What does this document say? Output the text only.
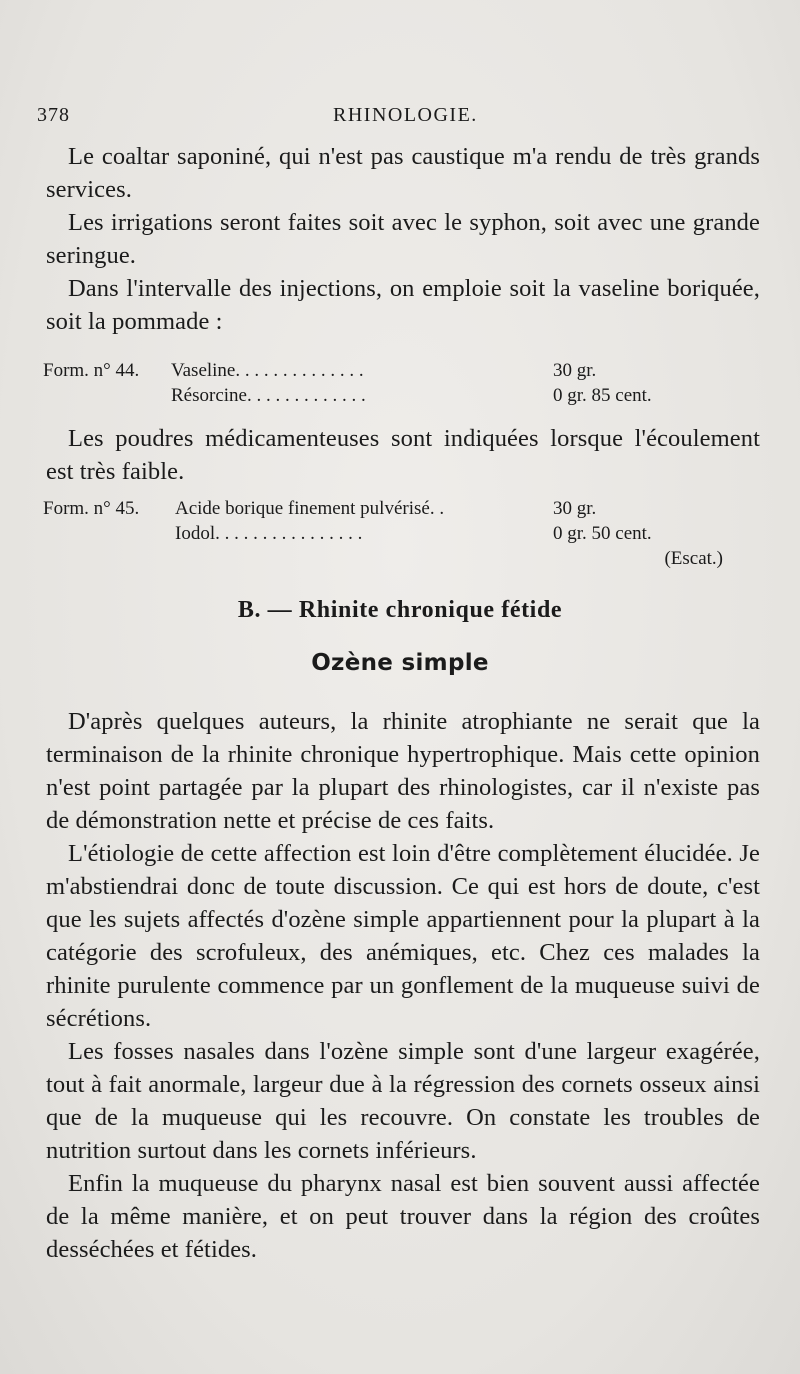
378	RHINOLOGIE.

Le coaltar saponiné, qui n'est pas caustique m'a rendu de très grands services.

Les irrigations seront faites soit avec le syphon, soit avec une grande seringue.

Dans l'intervalle des injections, on emploie soit la vaseline boriquée, soit la pommade :

Form. n° 44. Vaseline. . . . . . . . . . . . . .	30 gr.
Résorcine. . . . . . . . . . . . .	0 gr. 85 cent.

Les poudres médicamenteuses sont indiquées lorsque l'écoulement est très faible.

Form. n° 45. Acide borique finement pulvérisé. .	30 gr.
Iodol. . . . . . . . . . . . . . . .	0 gr. 50 cent.
(Escat.)
B. — Rhinite chronique fétide
Ozène simple

D'après quelques auteurs, la rhinite atrophiante ne serait que la terminaison de la rhinite chronique hypertrophique. Mais cette opinion n'est point partagée par la plupart des rhinologistes, car il n'existe pas de démonstration nette et précise de ces faits.

L'étiologie de cette affection est loin d'être complètement élucidée. Je m'abstiendrai donc de toute discussion. Ce qui est hors de doute, c'est que les sujets affectés d'ozène simple appartiennent pour la plupart à la catégorie des scrofuleux, des anémiques, etc. Chez ces malades la rhinite purulente commence par un gonflement de la muqueuse suivi de sécrétions.

Les fosses nasales dans l'ozène simple sont d'une largeur exagérée, tout à fait anormale, largeur due à la régression des cornets osseux ainsi que de la muqueuse qui les recouvre. On constate les troubles de nutrition surtout dans les cornets inférieurs.

Enfin la muqueuse du pharynx nasal est bien souvent aussi affectée de la même manière, et on peut trouver dans la région des croûtes desséchées et fétides.
